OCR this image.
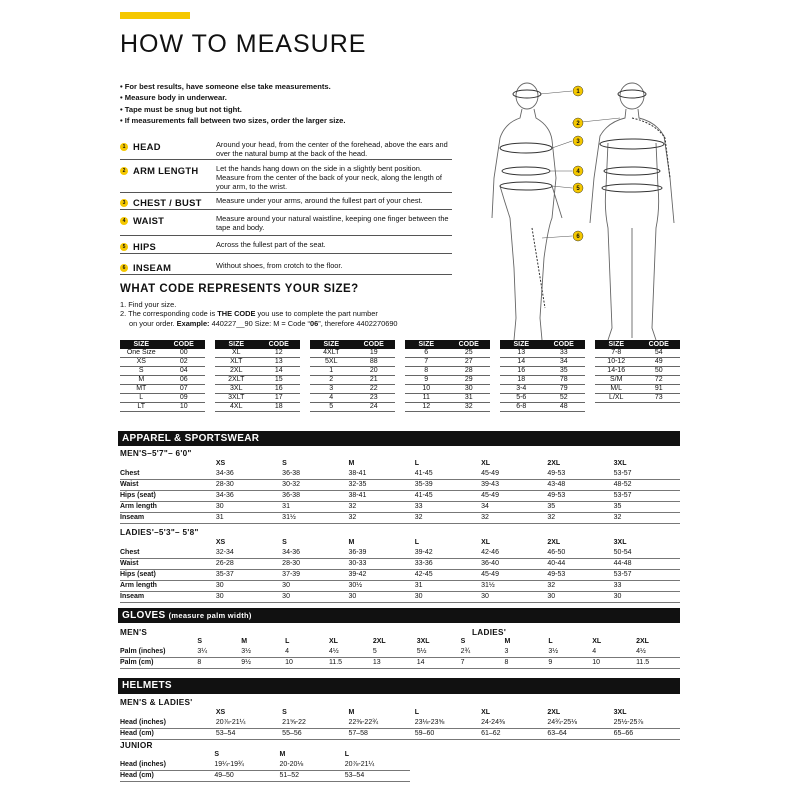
HOW TO MEASURE
• For best results, have someone else take measurements.
• Measure body in underwear.
• Tape must be snug but not tight.
• If measurements fall between two sizes, order the larger size.
1 HEAD	Around your head, from the center of the forehead, above the ears and over the natural bump at the back of the head.
2 ARM LENGTH Let the hands hang down on the side in a slightly bent position. Measure from the center of the back of your neck, along the length of your arm, to the wrist.
3 CHEST / BUST Measure under your arms, around the fullest part of your chest.
4 WAIST	Measure around your natural waistline, keeping one finger between the tape and body.
5 HIPS	Across the fullest part of the seat.
6 INSEAM	Without shoes, from crotch to the floor.
1
2
3
4
5
6
WHAT CODE REPRESENTS YOUR SIZE?
1. Find your size.
2. The corresponding code is THE CODE you use to complete the part number
on your order. Example: 440227__90 Size: M = Code “06”, therefore 4402270690
SIZE	CODE
One Size	00
XS	02
S	04
M	06
MT	07
L	09
LT	10
SIZE	CODE
XL	12
XLT	13
2XL	14
2XLT	15
3XL	16
3XLT	17
4XL	18
SIZE	CODE
4XLT	19
5XL	88
1	20
2	21
3	22
4	23
5	24
SIZE	CODE
6	25
7	27
8	28
9	29
10	30
11	31
12	32
SIZE	CODE
13	33
14	34
16	35
18	78
3-4	79
5-6	52
6-8	48
SIZE	CODE
7-8	54
10-12	49
14-16	50
S/M	72
M/L	91
L/XL	73

APPAREL & SPORTSWEAR
MEN'S–5'7"– 6'0"
	XS	S	M	L	XL	2XL	3XL
Chest	34-36	36-38	38-41	41-45	45-49	49-53	53-57
Waist	28-30	30-32	32-35	35-39	39-43	43-48	48-52
Hips (seat)	34-36	36-38	38-41	41-45	45-49	49-53	53-57
Arm length	30	31	32	33	34	35	35
Inseam	31	31½	32	32	32	32	32
LADIES'–5'3"– 5'8"
	XS	S	M	L	XL	2XL	3XL
Chest	32-34	34-36	36-39	39-42	42-46	46-50	50-54
Waist	26-28	28-30	30-33	33-36	36-40	40-44	44-48
Hips (seat)	35-37	37-39	39-42	42-45	45-49	49-53	53-57
Arm length	30	30	30½	31	31½	32	33
Inseam	30	30	30	30	30	30	30
GLOVES (measure palm width)
MEN'S	LADIES'
	S	M	L	XL	2XL	3XL	S	M	L	XL	2XL
Palm (inches)	3¼	3½	4	4½	5	5½	2¾	3	3½	4	4½
Palm (cm)	8	9½	10	11.5	13	14	7	8	9	10	11.5
HELMETS
MEN'S & LADIES'
	XS	S	M	L	XL	2XL	3XL
Head (inches)	20⅞-21¼	21⅝-22	22⅜-22¾	23⅛-23⅝	24-24⅜	24¾-25⅛	25½-25⅞
Head (cm)	53–54	55–56	57–58	59–60	61–62	63–64	65–66
JUNIOR
	S	M	L
Head (inches)	19¼-19¾	20-20⅛	20⅞-21¼
Head (cm)	49–50	51–52	53–54
